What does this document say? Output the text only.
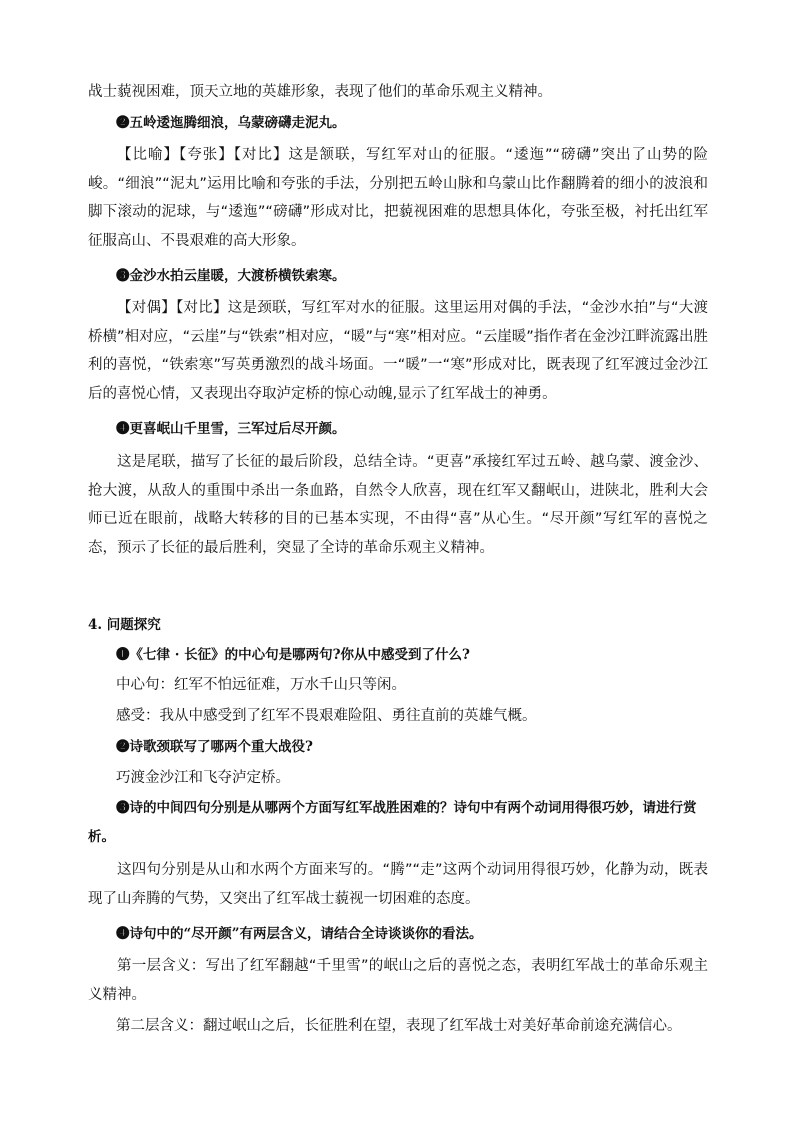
战士藐视困难，顶天立地的英雄形象，表现了他们的革命乐观主义精神。

❷五岭逶迤腾细浪，乌蒙磅礴走泥丸。

【比喻】【夸张】【对比】这是颔联，写红军对山的征服。“逶迤”“磅礴”突出了山势的险峻。“细浪”“泥丸”运用比喻和夸张的手法，分别把五岭山脉和乌蒙山比作翻腾着的细小的波浪和脚下滚动的泥球，与“逶迤”“磅礴”形成对比，把藐视困难的思想具体化，夸张至极，衬托出红军征服高山、不畏艰难的高大形象。

❸金沙水拍云崖暖，大渡桥横铁索寒。

【对偶】【对比】这是颈联，写红军对水的征服。这里运用对偶的手法，“金沙水拍”与“大渡桥横”相对应，“云崖”与“铁索”相对应，“暖”与“寒”相对应。“云崖暖”指作者在金沙江畔流露出胜利的喜悦，“铁索寒”写英勇激烈的战斗场面。一“暖”一“寒”形成对比，既表现了红军渡过金沙江后的喜悦心情，又表现出夺取泸定桥的惊心动魄,显示了红军战士的神勇。

❹更喜岷山千里雪，三军过后尽开颜。

这是尾联，描写了长征的最后阶段，总结全诗。“更喜”承接红军过五岭、越乌蒙、渡金沙、抢大渡，从敌人的重围中杀出一条血路，自然令人欣喜，现在红军又翻岷山，进陕北，胜利大会师已近在眼前，战略大转移的目的已基本实现，不由得“喜”从心生。“尽开颜”写红军的喜悦之态，预示了长征的最后胜利，突显了全诗的革命乐观主义精神。

4. 问题探究

❶《七律 · 长征》的中心句是哪两句?你从中感受到了什么?

中心句：红军不怕远征难，万水千山只等闲。

感受：我从中感受到了红军不畏艰难险阻、勇往直前的英雄气概。

❷诗歌颈联写了哪两个重大战役?

巧渡金沙江和飞夺泸定桥。

❸诗的中间四句分别是从哪两个方面写红军战胜困难的？诗句中有两个动词用得很巧妙，请进行赏析。

这四句分别是从山和水两个方面来写的。“腾”“走”这两个动词用得很巧妙，化静为动，既表现了山奔腾的气势，又突出了红军战士藐视一切困难的态度。

❹诗句中的“尽开颜”有两层含义，请结合全诗谈谈你的看法。

第一层含义：写出了红军翻越“千里雪”的岷山之后的喜悦之态，表明红军战士的革命乐观主义精神。

第二层含义：翻过岷山之后，长征胜利在望，表现了红军战士对美好革命前途充满信心。
